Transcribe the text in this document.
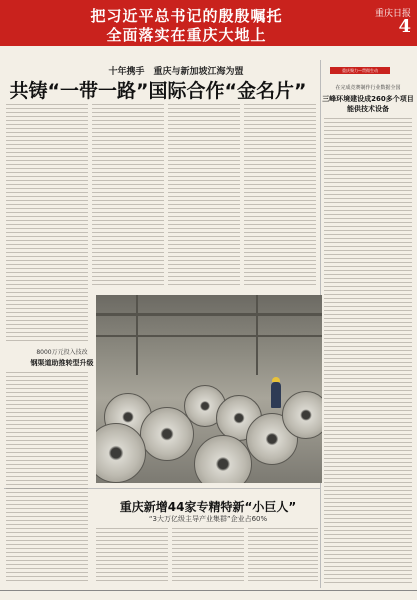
把习近平总书记的殷殷嘱托
全面落实在重庆大地上
重庆日报
4
十年携手　重庆与新加坡江海为盟
共铸“一带一路”国际合作“金名片”
8000万元投入技改
钢渠道助推转型升级
重庆聚力—贯彻生动
在完成竞赛制作行业数据全国
三峰环境建设成260多个项目
能供技术设备
重庆新增44家专精特新“小巨人”
“3大万亿级主导产业集群”企业占60%
